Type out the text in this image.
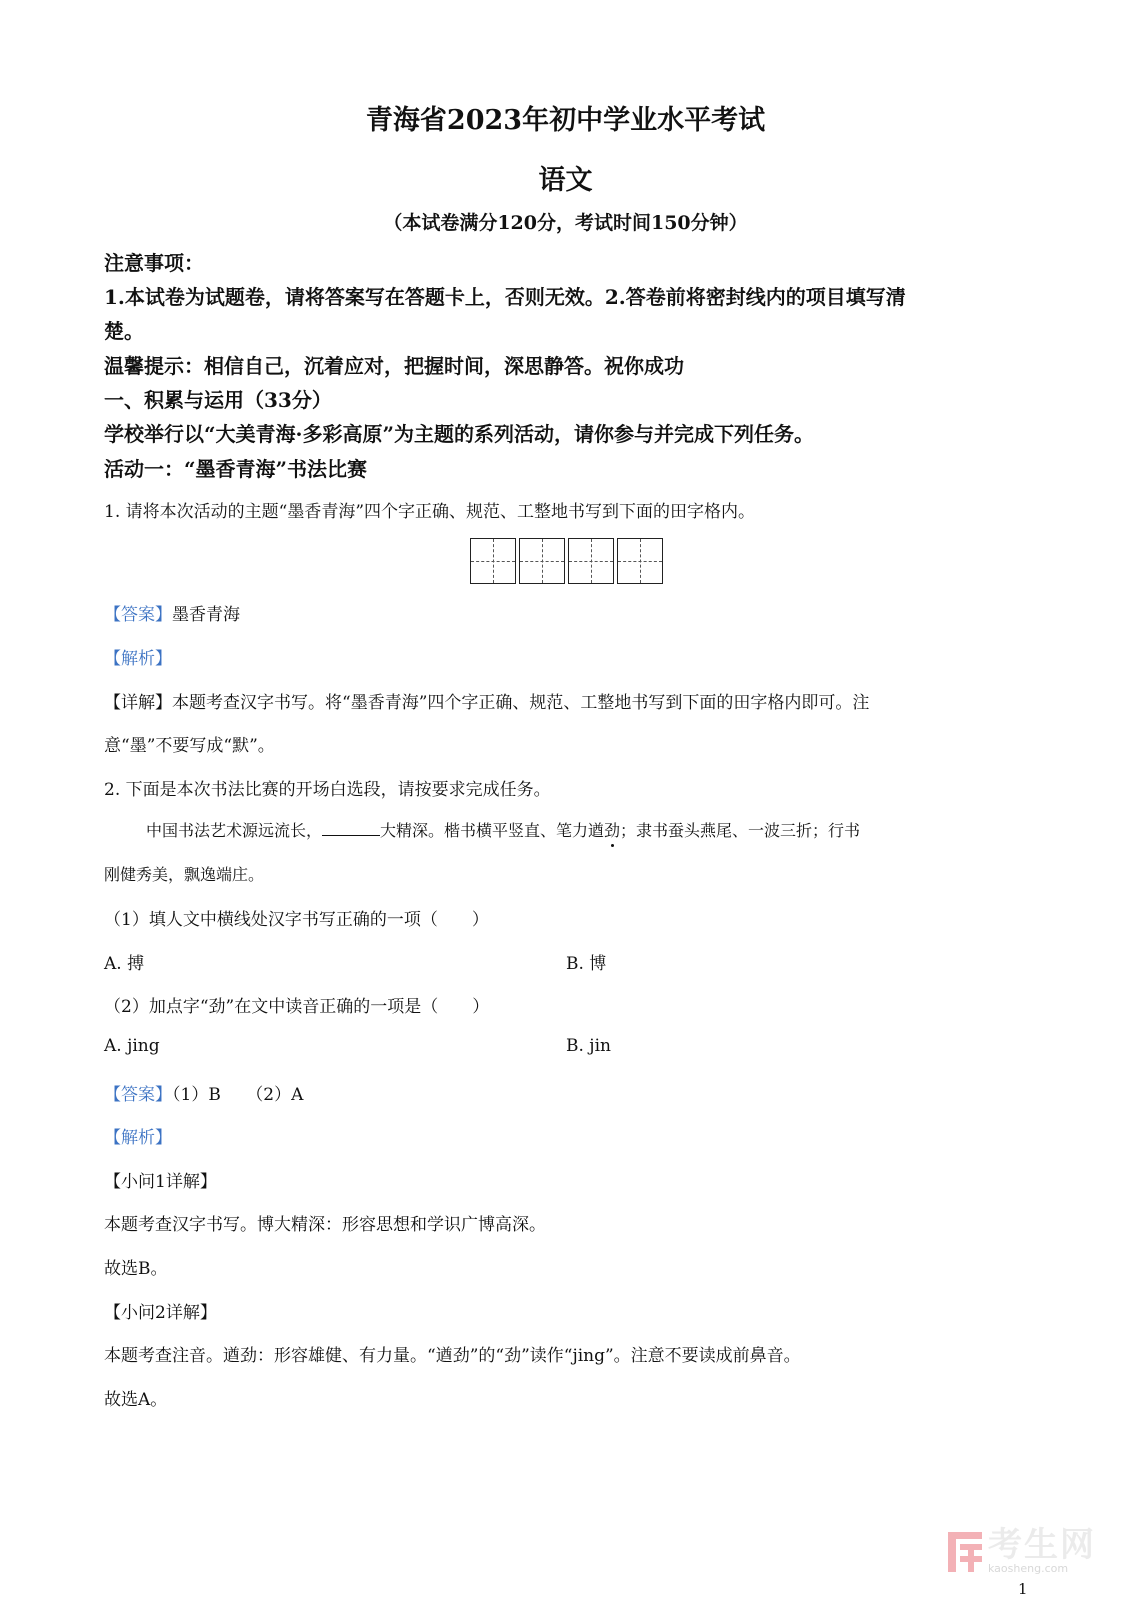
青海省2023年初中学业水平考试
语文
（本试卷满分120分，考试时间150分钟）
注意事项：
1.本试卷为试题卷，请将答案写在答题卡上，否则无效。2.答卷前将密封线内的项目填写清
楚。
温馨提示：相信自己，沉着应对，把握时间，深思静答。祝你成功
一、积累与运用（33分）
学校举行以“大美青海·多彩高原”为主题的系列活动，请你参与并完成下列任务。
活动一：“墨香青海”书法比赛
1. 请将本次活动的主题“墨香青海”四个字正确、规范、工整地书写到下面的田字格内。
【答案】墨香青海
【解析】
【详解】本题考查汉字书写。将“墨香青海”四个字正确、规范、工整地书写到下面的田字格内即可。注
意“墨”不要写成“默”。
2. 下面是本次书法比赛的开场白选段，请按要求完成任务。
中国书法艺术源远流长，	大精深。楷书横平竖直、笔力遒劲；隶书蚕头燕尾、一波三折；行书
刚健秀美，飘逸端庄。
（1）填人文中横线处汉字书写正确的一项（　　）
A. 搏	B. 博
（2）加点字“劲”在文中读音正确的一项是（　　）
A. jing	B. jin
【答案】（1）B　　（2）A
【解析】
【小问1详解】
本题考查汉字书写。博大精深：形容思想和学识广博高深。
故选B。
【小问2详解】
本题考查注音。遒劲：形容雄健、有力量。“遒劲”的“劲”读作“jing”。注意不要读成前鼻音。
故选A。
考生网
kaosheng.com
1
